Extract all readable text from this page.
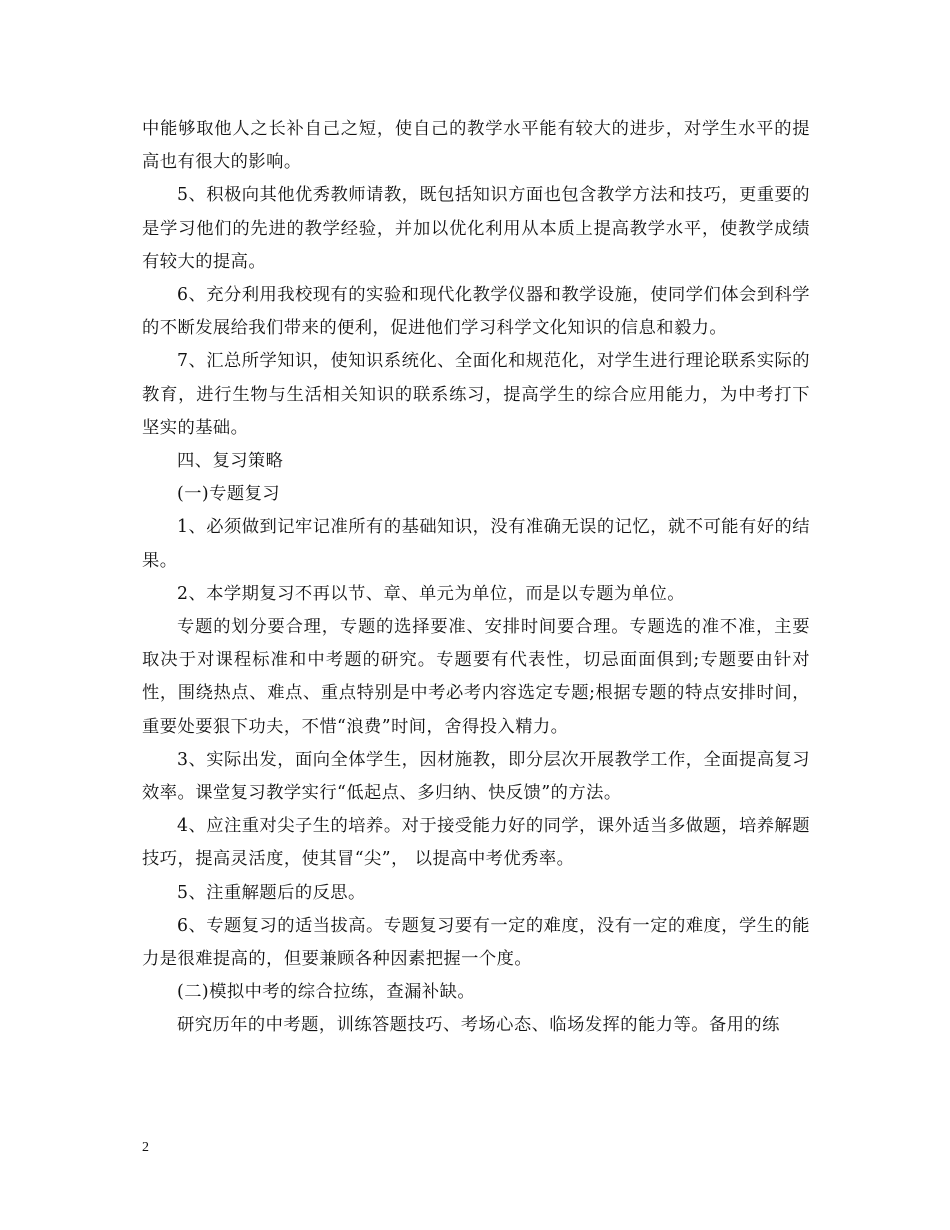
中能够取他人之长补自己之短，使自己的教学水平能有较大的进步，对学生水平的提高也有很大的影响。

5、积极向其他优秀教师请教，既包括知识方面也包含教学方法和技巧，更重要的是学习他们的先进的教学经验，并加以优化利用从本质上提高教学水平，使教学成绩有较大的提高。

6、充分利用我校现有的实验和现代化教学仪器和教学设施，使同学们体会到科学的不断发展给我们带来的便利，促进他们学习科学文化知识的信息和毅力。

7、汇总所学知识，使知识系统化、全面化和规范化，对学生进行理论联系实际的教育，进行生物与生活相关知识的联系练习，提高学生的综合应用能力，为中考打下坚实的基础。

四、复习策略

(一)专题复习

1、必须做到记牢记准所有的基础知识，没有准确无误的记忆，就不可能有好的结果。

2、本学期复习不再以节、章、单元为单位，而是以专题为单位。

专题的划分要合理，专题的选择要准、安排时间要合理。专题选的准不准，主要取决于对课程标准和中考题的研究。专题要有代表性，切忌面面俱到;专题要由针对性，围绕热点、难点、重点特别是中考必考内容选定专题;根据专题的特点安排时间，重要处要狠下功夫，不惜“浪费”时间，舍得投入精力。

3、实际出发，面向全体学生，因材施教，即分层次开展教学工作，全面提高复习效率。课堂复习教学实行“低起点、多归纳、快反馈”的方法。

4、应注重对尖子生的培养。对于接受能力好的同学，课外适当多做题，培养解题技巧，提高灵活度，使其冒“尖”， 以提高中考优秀率。

5、注重解题后的反思。

6、专题复习的适当拔高。专题复习要有一定的难度，没有一定的难度，学生的能力是很难提高的，但要兼顾各种因素把握一个度。

(二)模拟中考的综合拉练，查漏补缺。

研究历年的中考题，训练答题技巧、考场心态、临场发挥的能力等。备用的练

2
